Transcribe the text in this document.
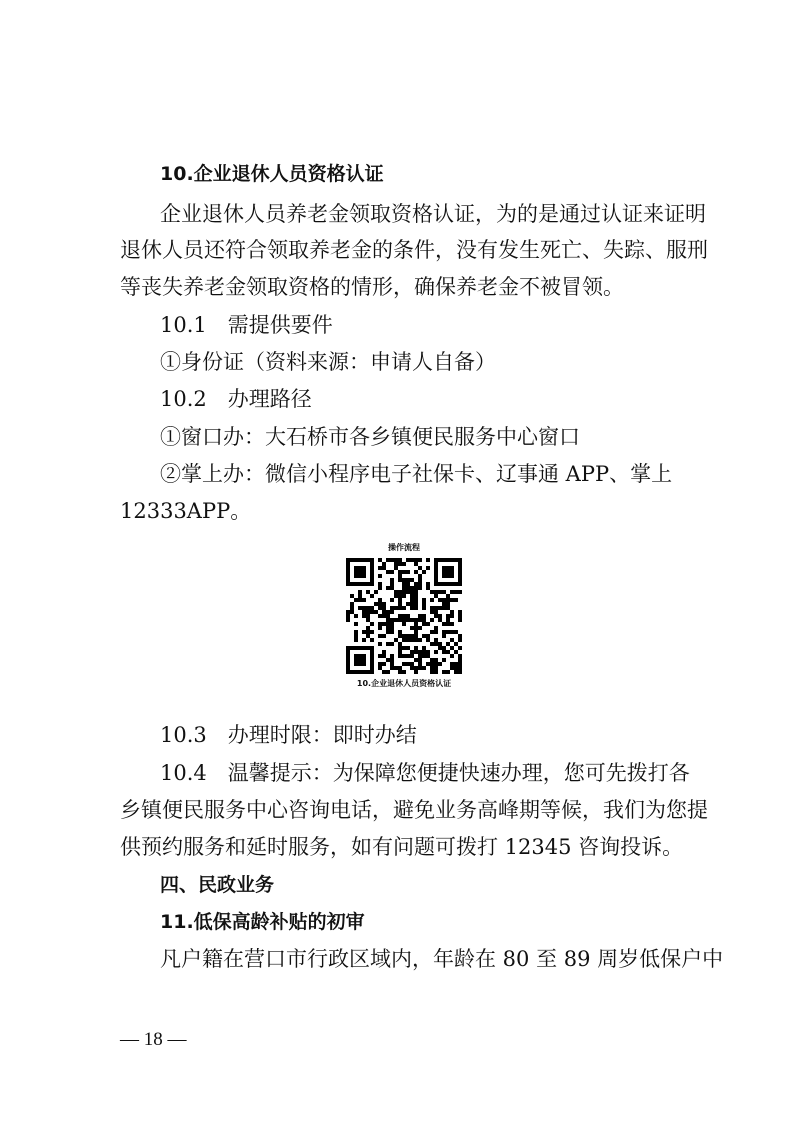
10.企业退休人员资格认证
企业退休人员养老金领取资格认证，为的是通过认证来证明
退休人员还符合领取养老金的条件，没有发生死亡、失踪、服刑
等丧失养老金领取资格的情形，确保养老金不被冒领。
10.1　需提供要件
①身份证（资料来源：申请人自备）
10.2　办理路径
①窗口办：大石桥市各乡镇便民服务中心窗口
②掌上办：微信小程序电子社保卡、辽事通 APP、掌上
12333APP。
操作流程
10.企业退休人员资格认证
10.3　办理时限：即时办结
10.4　温馨提示：为保障您便捷快速办理，您可先拨打各
乡镇便民服务中心咨询电话，避免业务高峰期等候，我们为您提
供预约服务和延时服务，如有问题可拨打 12345 咨询投诉。
四、民政业务
11.低保高龄补贴的初审
凡户籍在营口市行政区域内，年龄在 80 至 89 周岁低保户中
— 18 —
